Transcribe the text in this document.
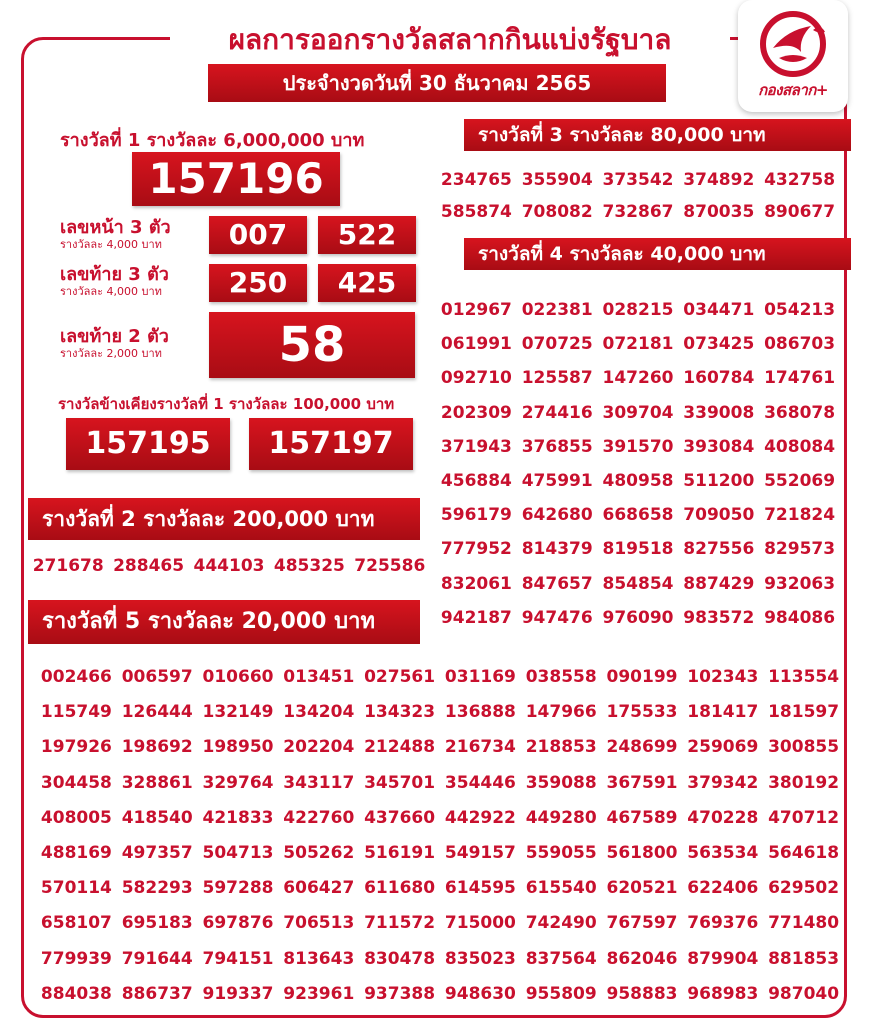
ผลการออกรางวัลสลากกินแบ่งรัฐบาล
ประจำงวดวันที่ 30 ธันวาคม 2565	กองสลาก+
รางวัลที่ 1 รางวัลละ 6,000,000 บาท
157196
เลขหน้า 3 ตัว
รางวัลละ 4,000 บาท	007	522
เลขท้าย 3 ตัว
รางวัลละ 4,000 บาท	250	425
เลขท้าย 2 ตัว
รางวัลละ 2,000 บาท	58
รางวัลข้างเคียงรางวัลที่ 1 รางวัลละ 100,000 บาท
157195	157197
รางวัลที่ 2 รางวัลละ 200,000 บาท
271678 288465 444103 485325 725586
รางวัลที่ 3 รางวัลละ 80,000 บาท
234765 355904 373542 374892 432758
585874 708082 732867 870035 890677
รางวัลที่ 4 รางวัลละ 40,000 บาท
012967 022381 028215 034471 054213
061991 070725 072181 073425 086703
092710 125587 147260 160784 174761
202309 274416 309704 339008 368078
371943 376855 391570 393084 408084
456884 475991 480958 511200 552069
596179 642680 668658 709050 721824
777952 814379 819518 827556 829573
832061 847657 854854 887429 932063
942187 947476 976090 983572 984086
รางวัลที่ 5 รางวัลละ 20,000 บาท
002466 006597 010660 013451 027561 031169 038558 090199 102343 113554
115749 126444 132149 134204 134323 136888 147966 175533 181417 181597
197926 198692 198950 202204 212488 216734 218853 248699 259069 300855
304458 328861 329764 343117 345701 354446 359088 367591 379342 380192
408005 418540 421833 422760 437660 442922 449280 467589 470228 470712
488169 497357 504713 505262 516191 549157 559055 561800 563534 564618
570114 582293 597288 606427 611680 614595 615540 620521 622406 629502
658107 695183 697876 706513 711572 715000 742490 767597 769376 771480
779939 791644 794151 813643 830478 835023 837564 862046 879904 881853
884038 886737 919337 923961 937388 948630 955809 958883 968983 987040
